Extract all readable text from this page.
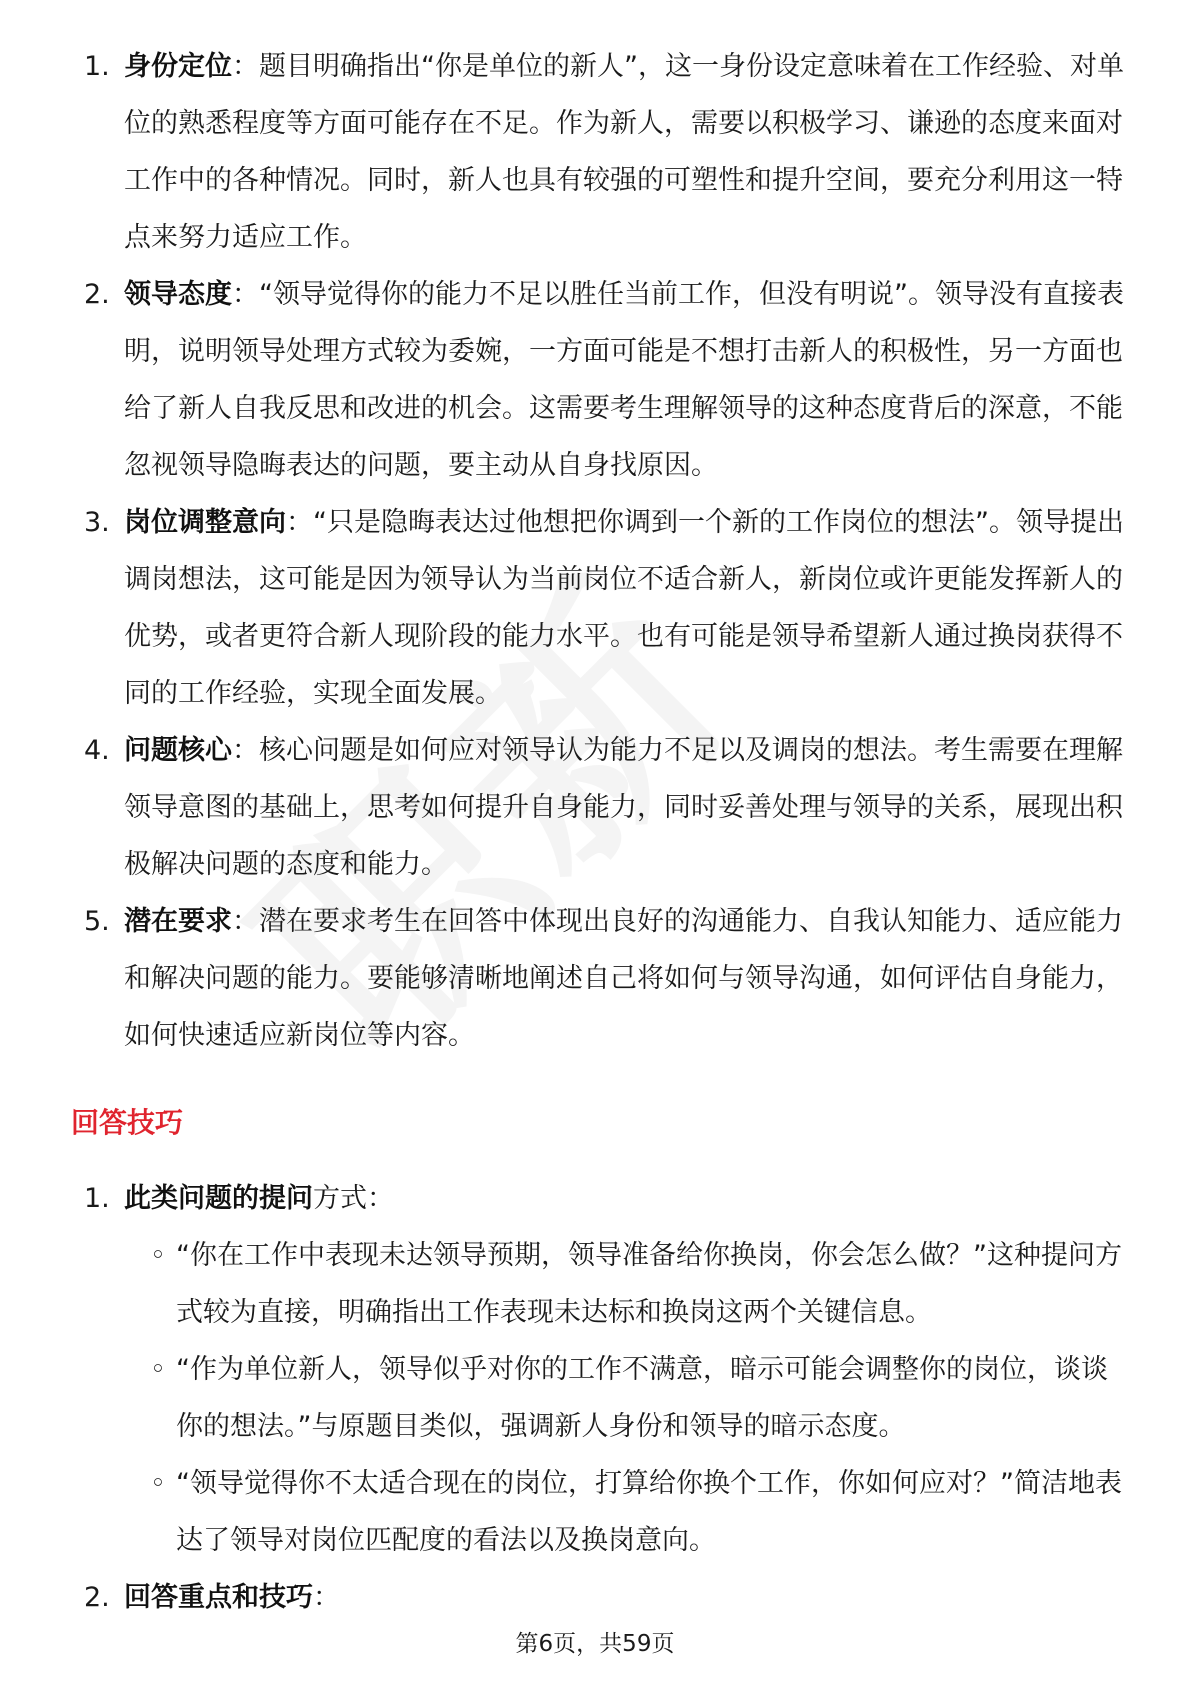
1. 身份定位：题目明确指出“你是单位的新人”，这一身份设定意味着在工作经验、对单位的熟悉程度等方面可能存在不足。作为新人，需要以积极学习、谦逊的态度来面对工作中的各种情况。同时，新人也具有较强的可塑性和提升空间，要充分利用这一特点来努力适应工作。
2. 领导态度：“领导觉得你的能力不足以胜任当前工作，但没有明说”。领导没有直接表明，说明领导处理方式较为委婉，一方面可能是不想打击新人的积极性，另一方面也给了新人自我反思和改进的机会。这需要考生理解领导的这种态度背后的深意，不能忽视领导隐晦表达的问题，要主动从自身找原因。
3. 岗位调整意向：“只是隐晦表达过他想把你调到一个新的工作岗位的想法”。领导提出调岗想法，这可能是因为领导认为当前岗位不适合新人，新岗位或许更能发挥新人的优势，或者更符合新人现阶段的能力水平。也有可能是领导希望新人通过换岗获得不同的工作经验，实现全面发展。
4. 问题核心：核心问题是如何应对领导认为能力不足以及调岗的想法。考生需要在理解领导意图的基础上，思考如何提升自身能力，同时妥善处理与领导的关系，展现出积极解决问题的态度和能力。
5. 潜在要求：潜在要求考生在回答中体现出良好的沟通能力、自我认知能力、适应能力和解决问题的能力。要能够清晰地阐述自己将如何与领导沟通，如何评估自身能力，如何快速适应新岗位等内容。
回答技巧
1. 此类问题的提问方式：
◦ “你在工作中表现未达领导预期，领导准备给你换岗，你会怎么做？”这种提问方式较为直接，明确指出工作表现未达标和换岗这两个关键信息。
◦ “作为单位新人，领导似乎对你的工作不满意，暗示可能会调整你的岗位，谈谈你的想法。”与原题目类似，强调新人身份和领导的暗示态度。
◦ “领导觉得你不太适合现在的岗位，打算给你换个工作，你如何应对？”简洁地表达了领导对岗位匹配度的看法以及换岗意向。
2. 回答重点和技巧：
第6页，共59页
